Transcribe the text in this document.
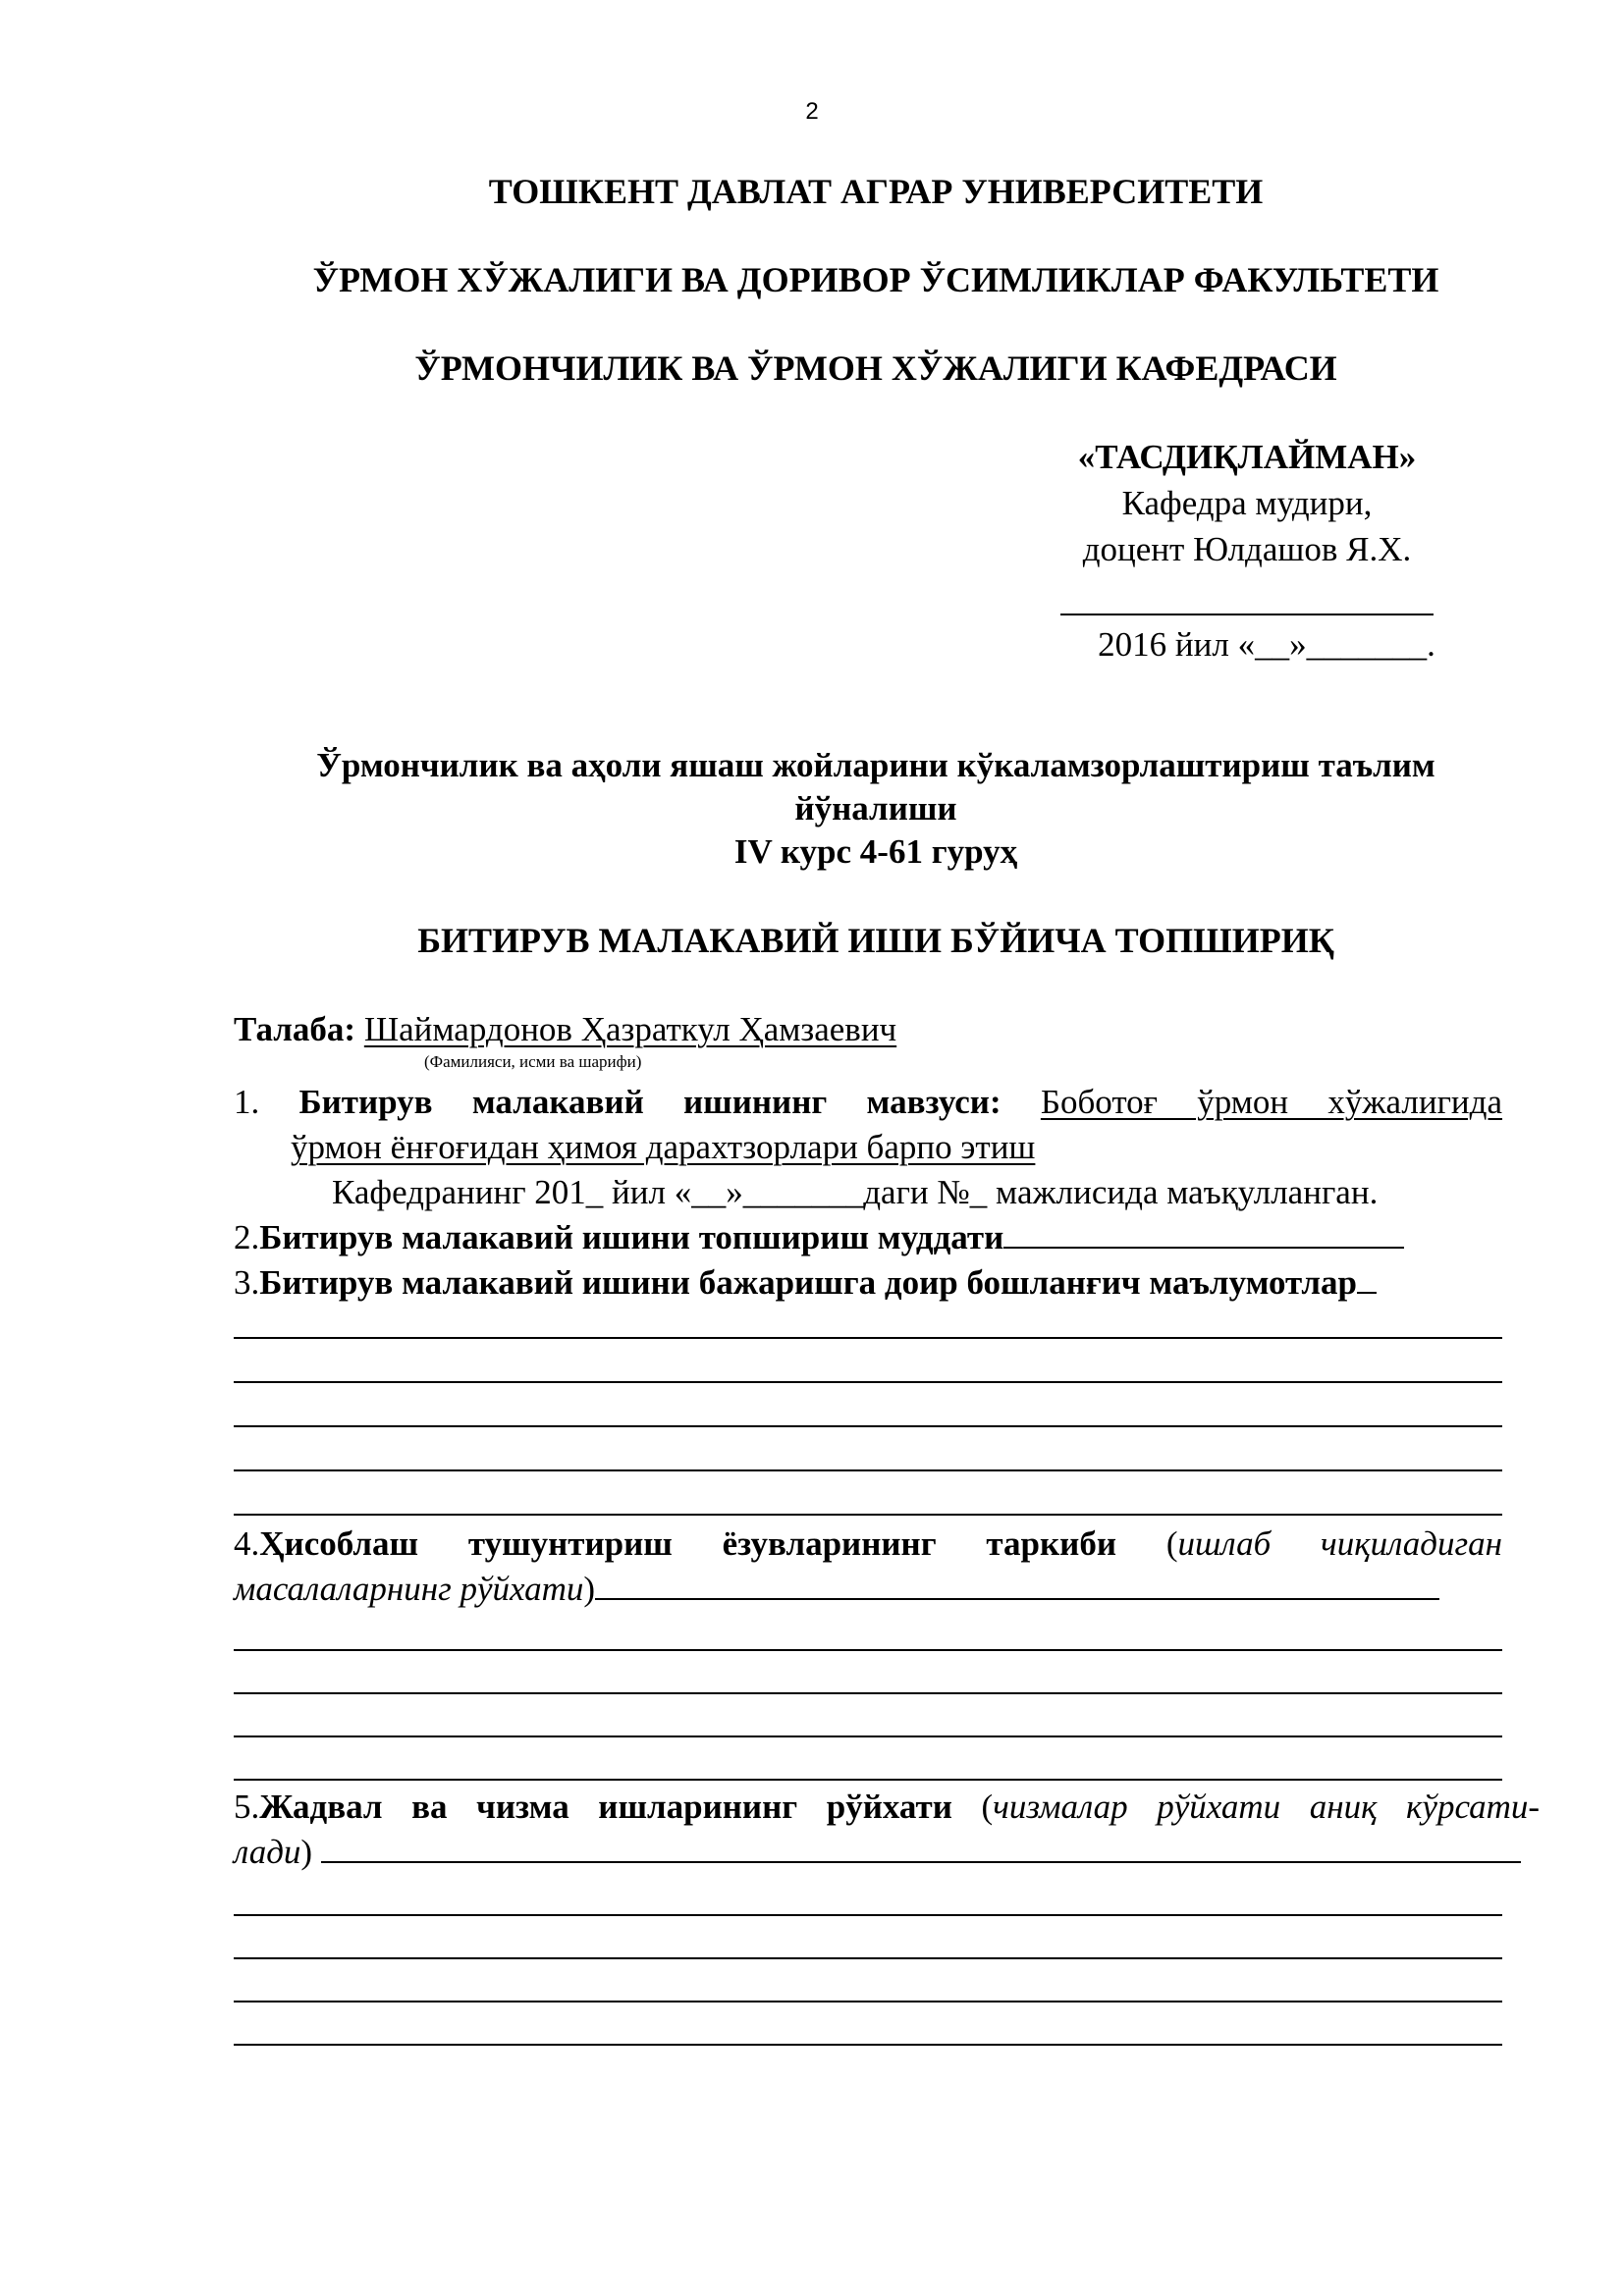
2
ТОШКЕНТ ДАВЛАТ АГРАР УНИВЕРСИТЕТИ
ЎРМОН ХЎЖАЛИГИ ВА ДОРИВОР ЎСИМЛИКЛАР ФАКУЛЬТЕТИ
ЎРМОНЧИЛИК ВА ЎРМОН ХЎЖАЛИГИ КАФЕДРАСИ
«ТАСДИҚЛАЙМАН»
Кафедра мудири,
доцент Юлдашов Я.Х.
2016 йил «__»_______.
Ўрмончилик ва аҳоли яшаш жойларини кўкаламзорлаштириш таълим
йўналиши
IV курс 4-61 гуруҳ
БИТИРУВ МАЛАКАВИЙ ИШИ БЎЙИЧА ТОПШИРИҚ
Талаба: Шаймардонов Ҳазраткул Ҳамзаевич
(Фамилияси, исми ва шарифи)
1. Битирув малакавий ишининг мавзуси: Боботоғ ўрмон хўжалигида
ўрмон ёнғоғидан ҳимоя дарахтзорлари барпо этиш
Кафедранинг 201_ йил «__»_______даги №_ мажлисида маъқулланган.
2.Битирув малакавий ишини топшириш муддати
3.Битирув малакавий ишини бажаришга доир бошланғич маълумотлар
4.Ҳисоблаш тушунтириш ёзувларининг таркиби (ишлаб чиқиладиган
масалаларнинг рўйхати)
5.Жадвал ва чизма ишларининг рўйхати (чизмалар рўйхати аниқ кўрсати-
лади)
